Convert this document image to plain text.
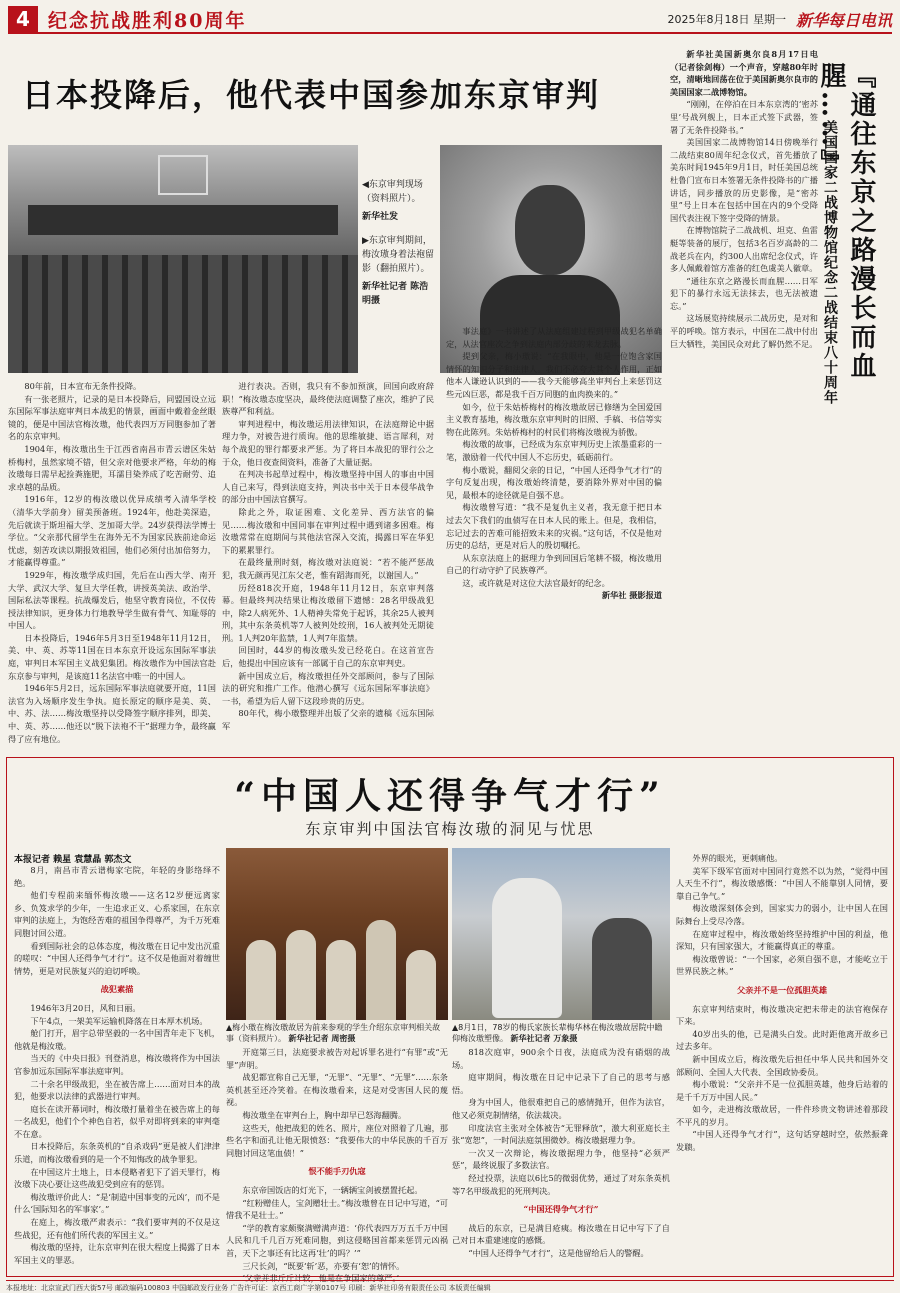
4 纪念抗战胜利80周年	2025年8月18日 星期一 新华每日电讯
日本投降后，他代表中国参加东京审判

◀东京审判现场（资料照片）。

新华社发

▶东京审判期间，梅汝璈身着法袍留影（翻拍照片）。

新华社记者 陈浩明摄

80年前，日本宣布无条件投降。

有一张老照片，记录的是日本投降后，同盟国设立远东国际军事法庭审判日本战犯的情景，画面中戴着金丝眼镜的，便是中国法官梅汝璈，他代表四万万同胞参加了著名的东京审判。

1904年，梅汝璈出生于江西省南昌市青云谱区朱姑桥梅村，虽然家境不错，但父亲对他要求严格，年幼的梅汝璈每日需早起捡粪施肥，耳濡目染养成了吃苦耐劳、追求卓越的品质。

1916年，12岁的梅汝璈以优异成绩考入清华学校（清华大学前身）留美预备班。1924年，他赴美深造，先后就读于斯坦福大学、芝加哥大学。24岁获得法学博士学位。“父亲那代留学生在海外无不为国家民族前途命运忧虑，刻苦攻读以期报效祖国，他们必须付出加倍努力，才能赢得尊重。”

1929年，梅汝璈学成归国，先后在山西大学、南开大学、武汉大学、复旦大学任教，讲授英美法、政治学、国际私法等课程。抗战爆发后，他坚守教育岗位，不仅传授法律知识，更身体力行地教导学生做有骨气、知耻辱的中国人。

日本投降后，1946年5月3日至1948年11月12日，美、中、英、苏等11国在日本东京开设远东国际军事法庭，审判日本军国主义战犯集团。梅汝璈作为中国法官赴东京参与审判，是该庭11名法官中唯一的中国人。

1946年5月2日，远东国际军事法庭就要开庭，11国法官为入场顺序发生争执。庭长原定的顺序是美、英、中、苏、法……梅汝璈坚持以受降签字顺序排列，即美、中、英、苏……他还以“脱下法袍不干”据理力争，最终赢得了应有地位。

进行表决。否则，我只有不参加预演，回国向政府辞职！”梅汝璈态度坚决，最终使法庭调整了座次，维护了民族尊严和利益。

审判进程中，梅汝璈运用法律知识，在法庭辩论中据理力争，对被告进行质询。他的思维敏捷、语言犀利，对每个战犯的罪行都要求严惩。为了将日本战犯的罪行公之于众，他日夜查阅资料，准备了大量证据。

在判决书起草过程中，梅汝璈坚持中国人的事由中国人自己来写，得到法庭支持，判决书中关于日本侵华战争的部分由中国法官撰写。

除此之外，取证困难、文化差异、西方法官的偏见……梅汝璈和中国同事在审判过程中遇到诸多困难。梅汝璈常常在庭期间与其他法官深入交流，揭露日军在华犯下的累累罪行。

在最终量刑时刻，梅汝璈对法庭说：“若不能严惩战犯，我无颜再见江东父老，惟有蹈海而死，以谢国人。”

历经818次开庭，1948年11月12日，东京审判落幕。但最终判决结果让梅汝璈留下遗憾：28名甲级战犯中，除2人病死外、1人精神失常免于起诉，其余25人被判刑，其中东条英机等7人被判处绞刑，16人被判处无期徒刑。1人判20年监禁，1人判7年监禁。

回国时，44岁的梅汝璈头发已经花白。在这首宣告后，他提出中国应该有一部属于自己的东京审判史。

新中国成立后，梅汝璈担任外交部顾问，参与了国际法的研究和推广工作。他潜心撰写《远东国际军事法庭》一书，希望为后人留下这段珍贵的历史。

80年代，梅小璈整理并出版了父亲的遗稿《远东国际军

事法庭》一书讲述了从法庭组建过程到甲级战犯名单确定，从法官座次之争到法庭内部分歧的来龙去脉。

提到父亲，梅小璈说：“在我眼中，他是一位饱含家国情怀的知识分子和法律人。我们不必夸大其个人作用，正如他本人谦逊认识到的——我今天能够高坐审判台上来惩罚这些元凶巨恶，都是我千百万同胞的血肉换来的。”

如今，位于朱姑桥梅村的梅汝璈故居已修缮为全国爱国主义教育基地，梅汝璈东京审判时的旧照、手稿、书信等实物在此陈列。朱姑桥梅村的村民们将梅汝璈视为骄傲。

梅汝璈的故事，已经成为东京审判历史上浓墨重彩的一笔，激励着一代代中国人不忘历史，砥砺前行。

梅小璈说，翻阅父亲的日记，“中国人还得争气才行”的字句反复出现，梅汝璈始终清楚，要消除外界对中国的偏见，最根本的途径就是自强不息。

梅汝璈曾写道：“我不是复仇主义者，我无意于把日本过去欠下我们的血债写在日本人民的账上。但是，我相信，忘记过去的苦难可能招致未来的灾祸。”这句话，不仅是他对历史的总结，更是对后人的殷切嘱托。

从东京法庭上的据理力争到回国后笔耕不辍，梅汝璈用自己的行动守护了民族尊严。

这，或许就是对这位大法官最好的纪念。

新华社 摄影报道

新华社美国新奥尔良8月17日电（记者徐剑梅）一个声音，穿越80年时空，清晰地回荡在位于美国新奥尔良市的美国国家二战博物馆。

“刚刚，在停泊在日本东京湾的‘密苏里’号战列舰上，日本正式签下武器，签署了无条件投降书。”

美国国家二战博物馆14日傍晚举行二战结束80周年纪念仪式，首先播放了美东时间1945年9月1日，时任美国总统杜鲁门宣布日本签署无条件投降书的广播讲话，同步播放的历史影像，是“密苏里”号上日本在包括中国在内的9个受降国代表注视下签字受降的情景。

在博物馆院子二战战机、坦克、鱼雷艇等装备的展厅，包括3名百岁高龄的二战老兵在内，约300人出席纪念仪式，许多人佩戴着馆方准备的红色虞美人徽章。

“通往东京之路漫长而血腥……日军犯下的暴行永远无法抹去，也无法被遗忘。”

这场展览持续展示二战历史，是对和平的呼唤。馆方表示，中国在二战中付出巨大牺牲，美国民众对此了解仍然不足。 美国国家二战博物馆纪念二战结束八十周年 『通往东京之路漫长而血腥……』
“中国人还得争气才行”
东京审判中国法官梅汝璈的洞见与忧思
本报记者 赖星 袁慧晶 郭杰文

8月，南昌市青云谱梅家宅院，年轻的身影络绎不绝。

他们专程前来缅怀梅汝璈——这名12岁便远离家乡、负笈求学的少年，一生追求正义、心系家国，在东京审判的法庭上，为饱经苦难的祖国争得尊严，为千万死难同胞讨回公道。

看到国际社会的总体态度，梅汝璈在日记中发出沉重的嗟叹：“中国人还得争气才行”。这不仅是他面对着缠世情势，更是对民族复兴的迫切呼唤。

战犯素描

1946年3月20日，风和日丽。

下午4点，一架美军运输机降落在日本厚木机场。

舱门打开，眉宇总带坚毅的一名中国青年走下飞机，他就是梅汝璈。

当天的《中央日报》刊登消息，梅汝璈将作为中国法官参加远东国际军事法庭审判。

二十余名甲级战犯，坐在被告席上……面对日本的战犯，他要求以法律的武器进行审判。

庭长在读开幕词时，梅汝璈打量着坐在被告席上的每一名战犯，他们个个神色自若，似乎对即将到来的审判毫不在意。

日本投降后，东条英机的“自杀戏码”更是被人们津津乐道，而梅汝璈看到的是一个不知悔改的战争罪犯。

在中国这片土地上，日本侵略者犯下了滔天罪行，梅汝璈下决心要让这些战犯受到应有的惩罚。

梅汝璈评价此人：“是‘制造中国事变的元凶’，而不是什么‘国际知名的军事家’。”

在庭上，梅汝璈严肃表示：“我们要审判的不仅是这些战犯，还有他们所代表的军国主义。”

梅汝璈的坚持，让东京审判在很大程度上揭露了日本军国主义的罪恶。

▲梅小璈在梅汝璈故居为前来参观的学生介绍东京审判相关故事（资料照片）。 新华社记者 周密摄
▲8月1日，78岁的梅氏家族长辈梅华林在梅汝璈故居院中瞻仰梅汝璈塑像。 新华社记者 万象摄

开庭第三日，法庭要求被告对起诉罪名进行“有罪”或“无罪”声明。

战犯都宣称自己无罪，“无罪”、“无罪”、“无罪”……东条英机甚至还冷笑着。在梅汝璈看来，这是对受害国人民的蔑视。

梅汝璈坐在审判台上，胸中却早已怒海翻腾。

这些天，他把战犯的姓名、照片，座位对照着了几遍，那些名字和面孔让他无限愤怒：“我要伟大的中华民族的千百万同胞讨回这笔血债！”

恨不能手刃仇寇

东京帝国饭店的灯光下，一辆辆宝剑被摆置托起。

“红粉赠佳人，宝剑赠壮士。”梅汝璈曾在日记中写道，“可惜我不是壮士。”

“学的教育家颇聚满赠满声道：‘你代表四万万五千万中国人民和几千几百万死难同胞，到这侵略国首都来惩罚元凶祸首，天下之事还有比这再‘壮’的吗？’”

三尺长剑，“既要‘斩’恶，亦要有‘恕’的情怀。

‘父亲并非斤斤计较，他是在争国家的尊严。’

818次庭审，900余个日夜，法庭成为没有硝烟的战场。

庭审期间，梅汝璈在日记中记录下了自己的思考与感悟。

身为中国人，他很难把自己的感情抛开，但作为法官，他又必须克制情绪，依法裁决。

印度法官主张对全体被告“无罪释放”，激大利亚庭长主张“宽恕”，一时间法庭氛围微妙。梅汝璈据理力争。

一次又一次辩论，梅汝璈据理力争，他坚持“必须严惩”，最终说服了多数法官。

经过投票，法庭以6比5的微弱优势，通过了对东条英机等7名甲级战犯的死刑判决。

“中国还得争气才行”

战后的东京，已是满目疮痍。梅汝璈在日记中写下了自己对日本重建速度的感慨。

“中国人还得争气才行”，这是他留给后人的警醒。

外界的眼光，更刺痛他。

美军下级军官面对中国同行竟然不以为然，“觉得中国人天生不行”，梅汝璈感慨：“中国人不能靠别人同情，要靠自己争气。”

梅汝璈深刻体会到，国家实力的弱小，让中国人在国际舞台上受尽冷落。

在庭审过程中，梅汝璈始终坚持维护中国的利益，他深知，只有国家强大，才能赢得真正的尊重。

梅汝璈曾说：“一个国家，必须自强不息，才能屹立于世界民族之林。”

父亲并不是一位孤胆英雄

东京审判结束时，梅汝璈决定把未带走的法官袍保存下来。

40岁出头的他，已是满头白发。此时距他离开故乡已过去多年。

新中国成立后，梅汝璈先后担任中华人民共和国外交部顾问、全国人大代表、全国政协委员。

梅小璈说：“父亲并不是一位孤胆英雄，他身后站着的是千千万万中国人民。”

如今，走进梅汝璈故居，一件件珍贵文物讲述着那段不平凡的岁月。

“中国人还得争气才行”，这句话穿越时空，依然振聋发聩。

本报地址：北京宣武门西大街57号 邮政编码100803 中国邮政发行业务 广告许可证：京西工商广字第0107号 印刷：新华社印务有限责任公司 本版责任编辑
